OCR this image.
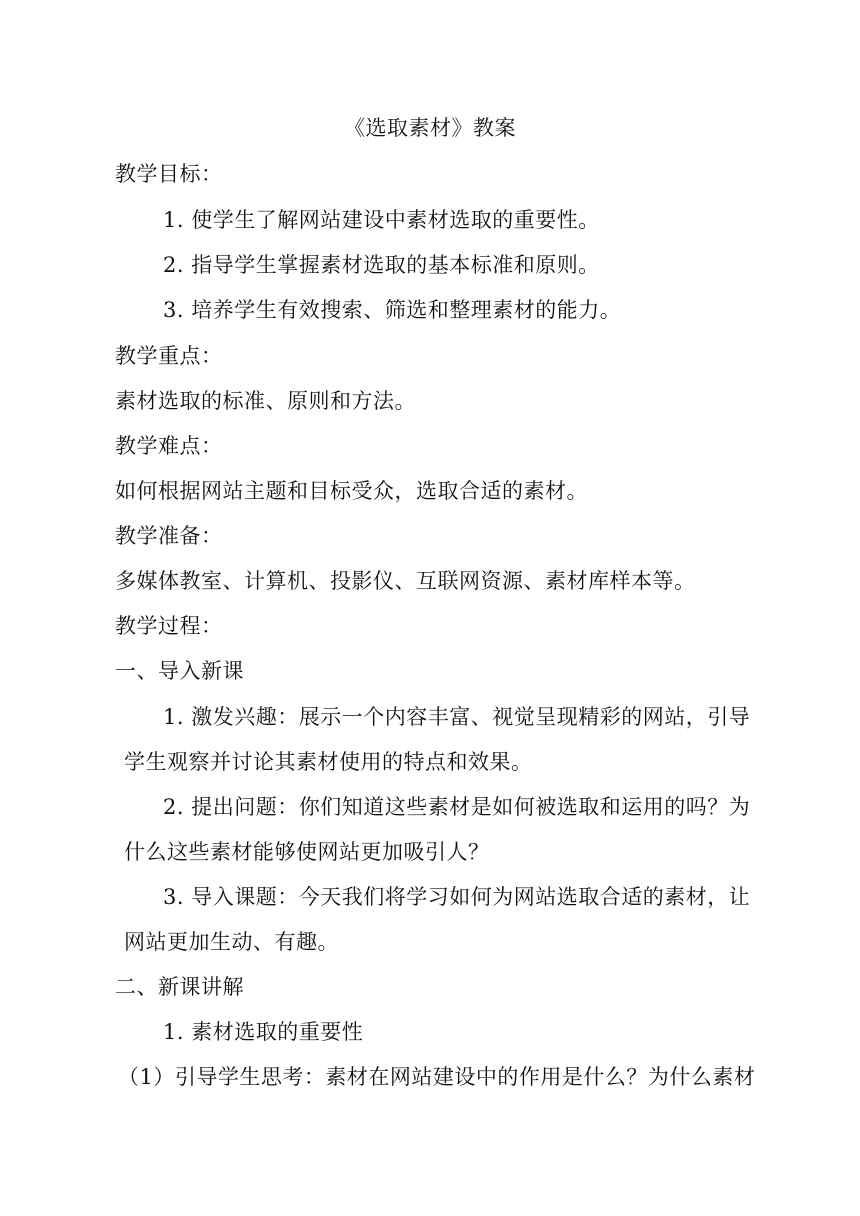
《选取素材》教案
教学目标：
1. 使学生了解网站建设中素材选取的重要性。
2. 指导学生掌握素材选取的基本标准和原则。
3. 培养学生有效搜索、筛选和整理素材的能力。
教学重点：
素材选取的标准、原则和方法。
教学难点：
如何根据网站主题和目标受众，选取合适的素材。
教学准备：
多媒体教室、计算机、投影仪、互联网资源、素材库样本等。
教学过程：
一、导入新课
1. 激发兴趣：展示一个内容丰富、视觉呈现精彩的网站，引导
学生观察并讨论其素材使用的特点和效果。
2. 提出问题：你们知道这些素材是如何被选取和运用的吗？为
什么这些素材能够使网站更加吸引人？
3. 导入课题：今天我们将学习如何为网站选取合适的素材，让
网站更加生动、有趣。
二、新课讲解
1. 素材选取的重要性
（1）引导学生思考：素材在网站建设中的作用是什么？为什么素材
